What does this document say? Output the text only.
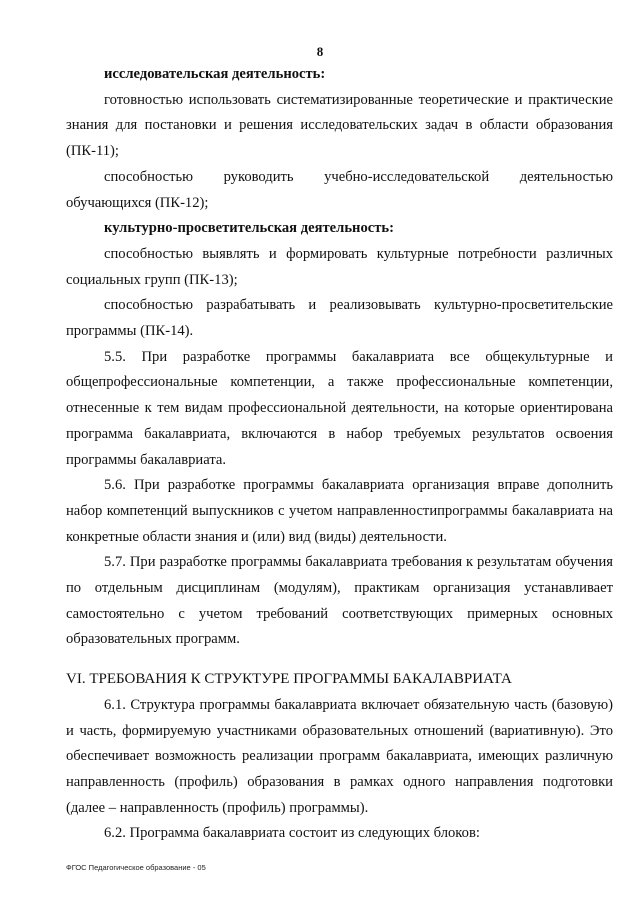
8

исследовательская деятельность:

готовностью использовать систематизированные теоретические и практические знания для постановки и решения исследовательских задач в области образования (ПК-11);

способностью руководить учебно-исследовательской деятельностью обучающихся (ПК-12);

культурно-просветительская деятельность:

способностью выявлять и формировать культурные потребности различных социальных групп (ПК-13);

способностью разрабатывать и реализовывать культурно-просветительские программы (ПК-14).

5.5. При разработке программы бакалавриата все общекультурные и общепрофессиональные компетенции, а также профессиональные компетенции, отнесенные к тем видам профессиональной деятельности, на которые ориентирована программа бакалавриата, включаются в набор требуемых результатов освоения программы бакалавриата.

5.6. При разработке программы бакалавриата организация вправе дополнить набор компетенций выпускников с учетом направленностипрограммы бакалавриата на конкретные области знания и (или) вид (виды) деятельности.

5.7. При разработке программы бакалавриата требования к результатам обучения по отдельным дисциплинам (модулям), практикам организация устанавливает самостоятельно с учетом требований соответствующих примерных основных образовательных программ.

VI. ТРЕБОВАНИЯ К СТРУКТУРЕ ПРОГРАММЫ БАКАЛАВРИАТА

6.1. Структура программы бакалавриата включает обязательную часть (базовую) и часть, формируемую участниками образовательных отношений (вариативную). Это обеспечивает возможность реализации программ бакалавриата, имеющих различную направленность (профиль) образования в рамках одного направления подготовки (далее – направленность (профиль) программы).

6.2. Программа бакалавриата состоит из следующих блоков:

ФГОС Педагогическое образование - 05
